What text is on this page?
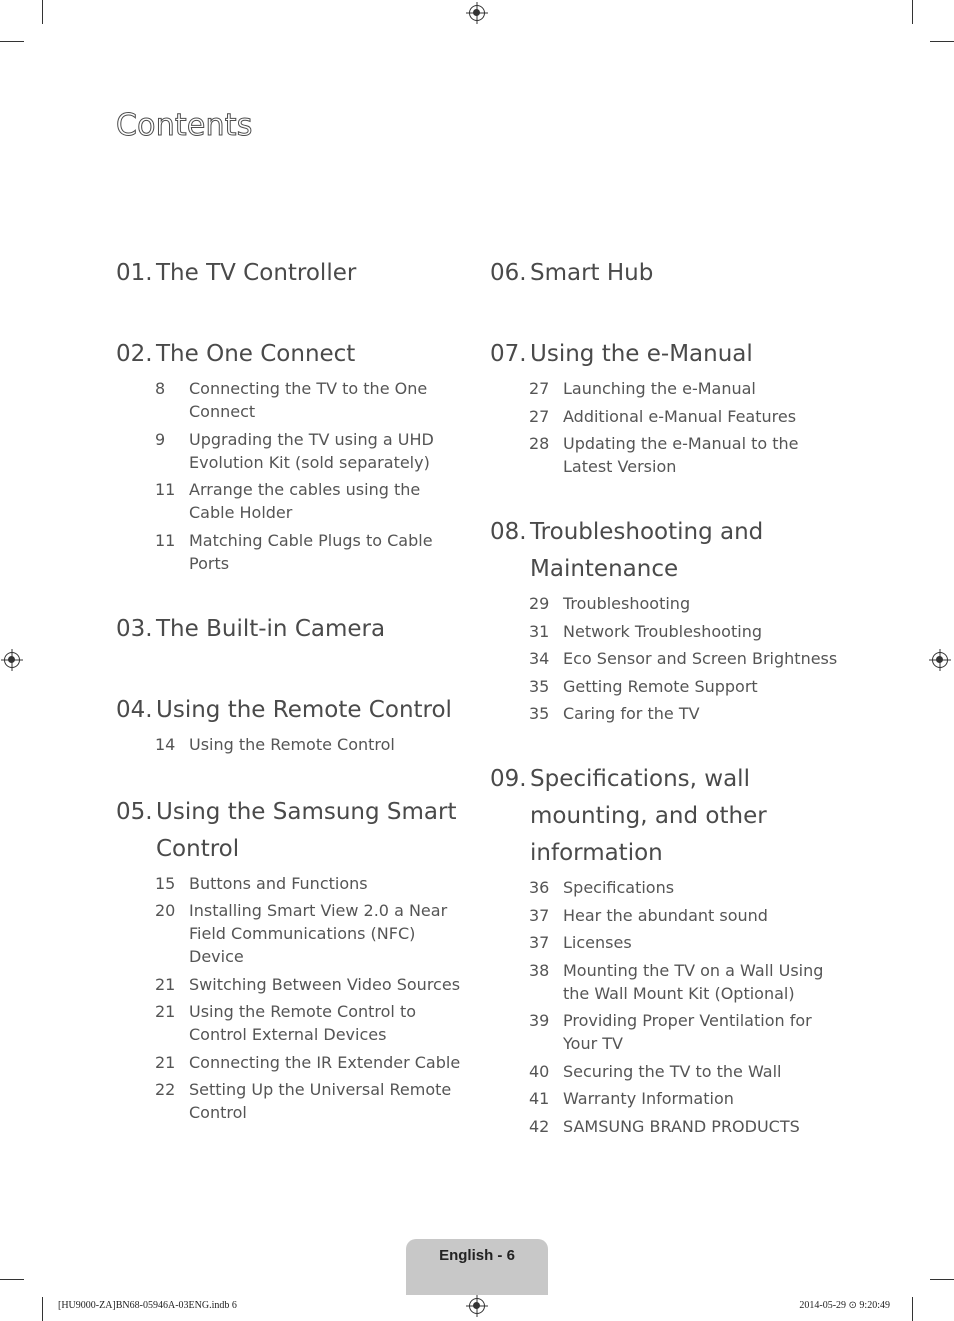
Contents
01. The TV Controller
02. The One Connect
8	Connecting the TV to the One Connect
9	Upgrading the TV using a UHD Evolution Kit (sold separately)
11 Arrange the cables using the Cable Holder
11 Matching Cable Plugs to Cable Ports
03. The Built-in Camera
04. Using the Remote Control
14 Using the Remote Control
05. Using the Samsung Smart Control
15 Buttons and Functions
20 Installing Smart View 2.0 a Near Field Communications (NFC) Device
21 Switching Between Video Sources
21 Using the Remote Control to Control External Devices
21 Connecting the IR Extender Cable
22 Setting Up the Universal Remote Control
06. Smart Hub
07. Using the e-Manual
27 Launching the e-Manual
27 Additional e-Manual Features
28 Updating the e-Manual to the Latest Version
08. Troubleshooting and Maintenance
29 Troubleshooting
31 Network Troubleshooting
34 Eco Sensor and Screen Brightness
35 Getting Remote Support
35 Caring for the TV
09. Specifications, wall mounting, and other information
36 Specifications
37 Hear the abundant sound
37 Licenses
38 Mounting the TV on a Wall Using the Wall Mount Kit (Optional)
39 Providing Proper Ventilation for Your TV
40 Securing the TV to the Wall
41 Warranty Information
42 SAMSUNG BRAND PRODUCTS
English - 6
[HU9000-ZA]BN68-05946A-03ENG.indb 6	2014-05-29 ⊙ 9:20:49
